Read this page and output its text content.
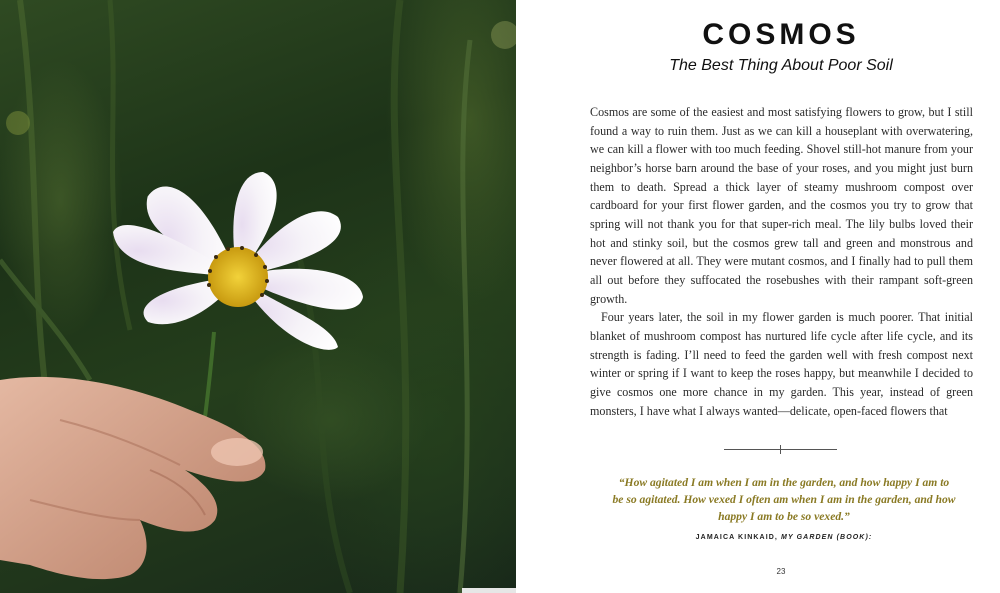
COSMOS
The Best Thing About Poor Soil

Cosmos are some of the easiest and most satisfying flowers to grow, but I still found a way to ruin them. Just as we can kill a houseplant with overwatering, we can kill a flower with too much feeding. Shovel still-hot manure from your neighbor’s horse barn around the base of your roses, and you might just burn them to death. Spread a thick layer of steamy mushroom compost over cardboard for your first flower garden, and the cosmos you try to grow that spring will not thank you for that super-rich meal. The lily bulbs loved their hot and stinky soil, but the cosmos grew tall and green and monstrous and never flowered at all. They were mutant cosmos, and I finally had to pull them all out before they suffocated the rosebushes with their rampant soft-green growth.

Four years later, the soil in my flower garden is much poorer. That initial blanket of mushroom compost has nurtured life cycle after life cycle, and its strength is fading. I’ll need to feed the garden well with fresh compost next winter or spring if I want to keep the roses happy, but meanwhile I decided to give cosmos one more chance in my garden. This year, instead of green monsters, I have what I always wanted—delicate, open-faced flowers that

“How agitated I am when I am in the garden, and how happy I am to be so agitated. How vexed I often am when I am in the garden, and how happy I am to be so vexed.”
JAMAICA KINKAID, MY GARDEN (BOOK):
23
